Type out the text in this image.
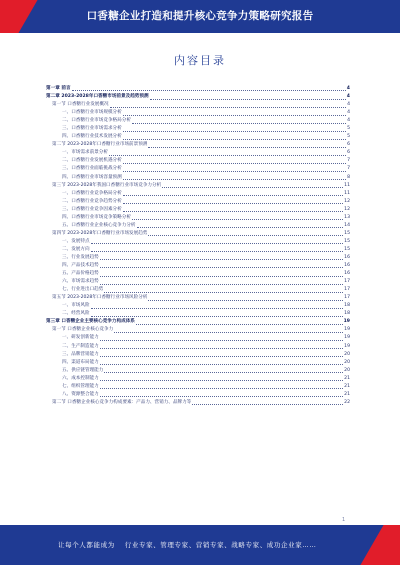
口香糖企业打造和提升核心竞争力策略研究报告
内容目录
第一章 前言	4
第二章 2023-2028年口香糖市场前景及趋势预测	4
第一节 口香糖行业发展概况	4
一、口香糖行业市场规模分析	4
二、口香糖行业市场竞争格局分析	4
三、口香糖行业市场需求分析	5
四、口香糖行业技术发展分析	5
第二节 2023-2028年口香糖行业市场前景预测	6
一、市场需求前景分析	6
二、口香糖行业发展机遇分析	7
三、口香糖行业面临挑战分析	7
四、口香糖行业市场容量预测	8
第三节 2023-2028年我国口香糖行业市场竞争力分析	11
一、口香糖行业竞争格局分析	11
二、口香糖行业竞争趋势分析	12
三、口香糖行业竞争因素分析	12
四、口香糖行业市场竞争策略分析	13
五、口香糖行业企业核心竞争力分析	14
第四节 2023-2028年口香糖行业市场发展趋势	15
一、发展特点	15
二、发展方向	15
三、行业发展趋势	16
四、产品技术趋势	16
五、产品价格趋势	16
六、市场需求趋势	17
七、行业进出口趋势	17
第五节 2023-2028年口香糖行业市场风险分析	17
一、市场风险	18
二、经营风险	18
第三章 口香糖企业主要核心竞争力构成体系	19
第一节 口香糖企业核心竞争力	19
一、研发创新能力	19
二、生产制造能力	19
三、品牌营销能力	20
四、渠道布局能力	20
五、供应链管理能力	20
六、成本控制能力	21
七、组织管理能力	21
八、资源整合能力	21
第二节 口香糖企业核心竞争力构成要素：产品力、营销力、品牌力等	22
1
让每个人都能成为 行业专家、管理专家、营销专家、战略专家、成功企业家……
